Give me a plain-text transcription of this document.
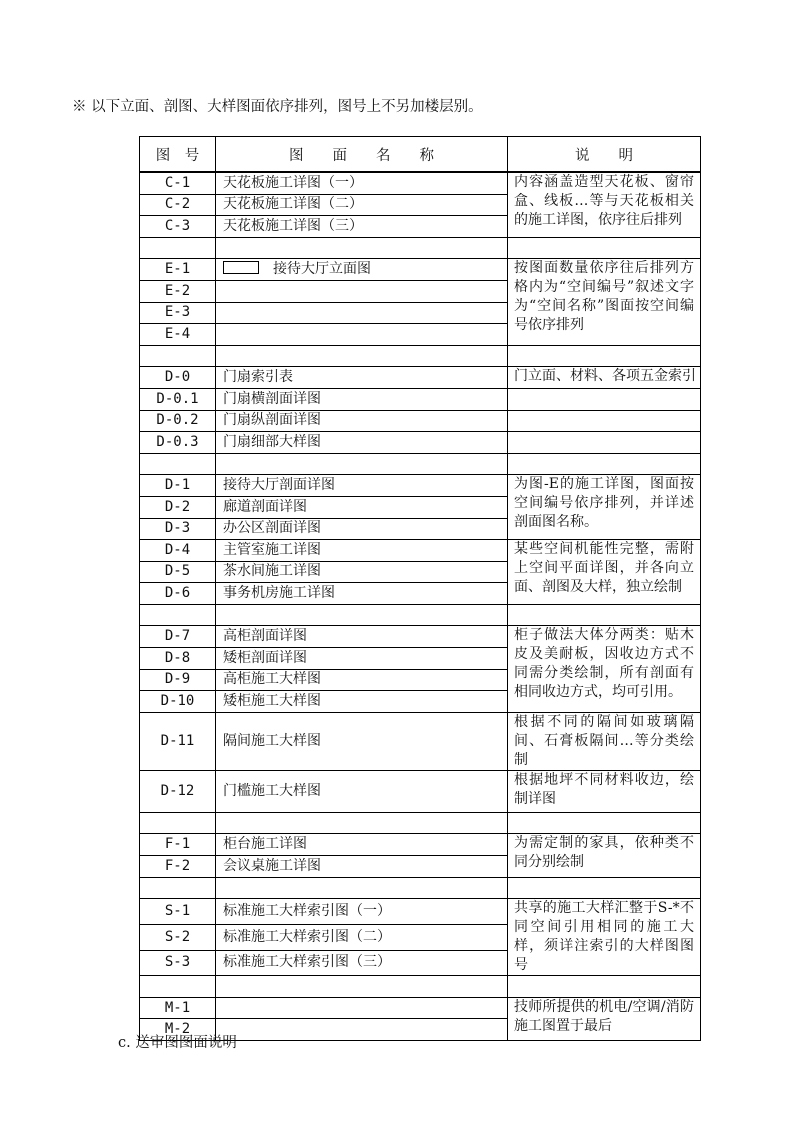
※ 以下立面、剖图、大样图面依序排列，图号上不另加楼层别。
图　号	图　　面　　名　　称	说　　明
C-1	天花板施工详图（一）	内容涵盖造型天花板、窗帘盒、线板…等与天花板相关的施工详图，依序往后排列
C-2	天花板施工详图（二）	
C-3	天花板施工详图（三）	

E-1	接待大厅立面图	按图面数量依序往后排列方格内为“空间编号”叙述文字为“空间名称”图面按空间编号依序排列
E-2		
E-3		
E-4		

D-0	门扇索引表	门立面、材料、各项五金索引
D-0.1	门扇横剖面详图	
D-0.2	门扇纵剖面详图	
D-0.3	门扇细部大样图	

D-1	接待大厅剖面详图	为图-E的施工详图，图面按空间编号依序排列，并详述剖面图名称。
D-2	廊道剖面详图	
D-3	办公区剖面详图	
D-4	主管室施工详图	某些空间机能性完整，需附上空间平面详图，并各向立面、剖图及大样，独立绘制
D-5	茶水间施工详图	
D-6	事务机房施工详图	

D-7	高柜剖面详图	柜子做法大体分两类：贴木皮及美耐板，因收边方式不同需分类绘制，所有剖面有相同收边方式，均可引用。
D-8	矮柜剖面详图	
D-9	高柜施工大样图	
D-10	矮柜施工大样图	
D-11	隔间施工大样图	根据不同的隔间如玻璃隔间、石膏板隔间…等分类绘制
D-12	门槛施工大样图	根据地坪不同材料收边，绘制详图

F-1	柜台施工详图	为需定制的家具，依种类不同分别绘制
F-2	会议桌施工详图	

S-1	标准施工大样索引图（一）	共享的施工大样汇整于S-*不同空间引用相同的施工大样，须详注索引的大样图图号
S-2	标准施工大样索引图（二）	
S-3	标准施工大样索引图（三）	

M-1		技师所提供的机电/空调/消防施工图置于最后
M-2		
c. 送审图图面说明
